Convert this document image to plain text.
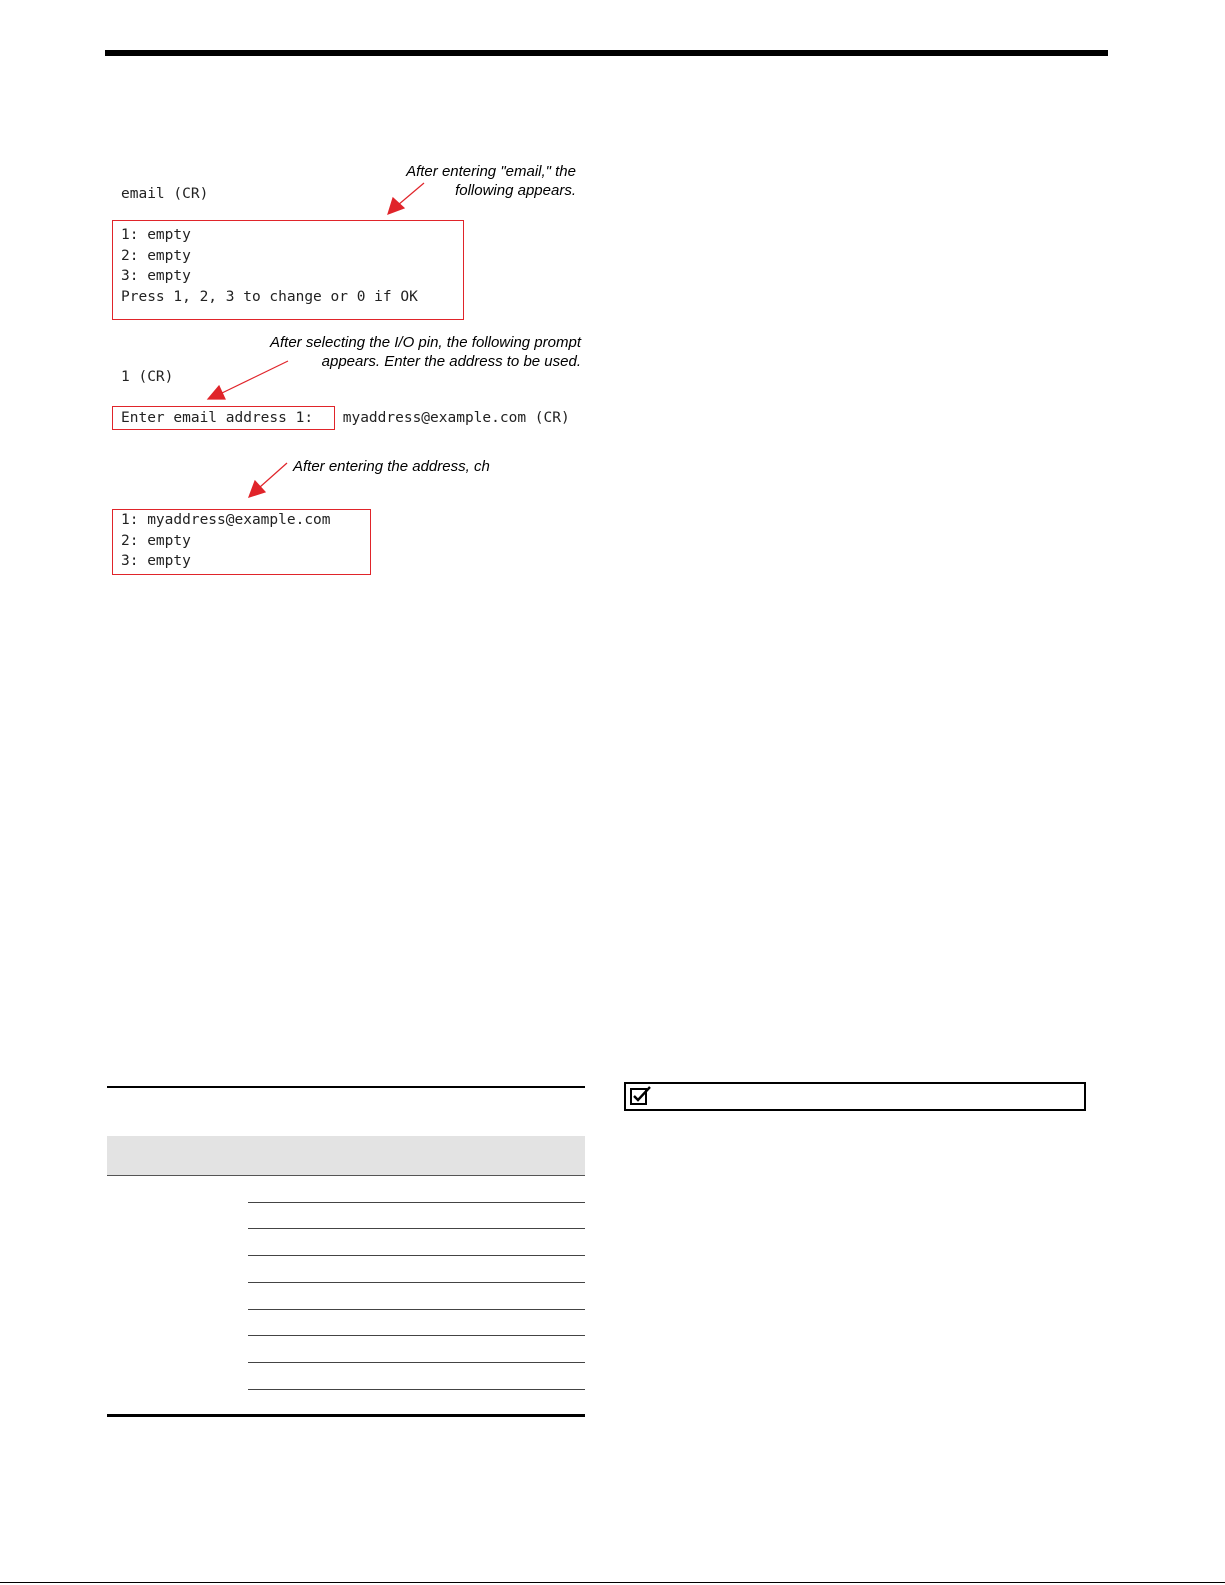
email (CR)
1: empty
2: empty
3: empty
Press 1, 2, 3 to change or 0 if OK
1 (CR)
Enter email address 1: myaddress@example.com (CR)
1: myaddress@example.com
2: empty
3: empty
After entering "email," the
following appears.
After selecting the I/O pin, the following prompt
appears. Enter the address to be used.
After entering the address, ch
